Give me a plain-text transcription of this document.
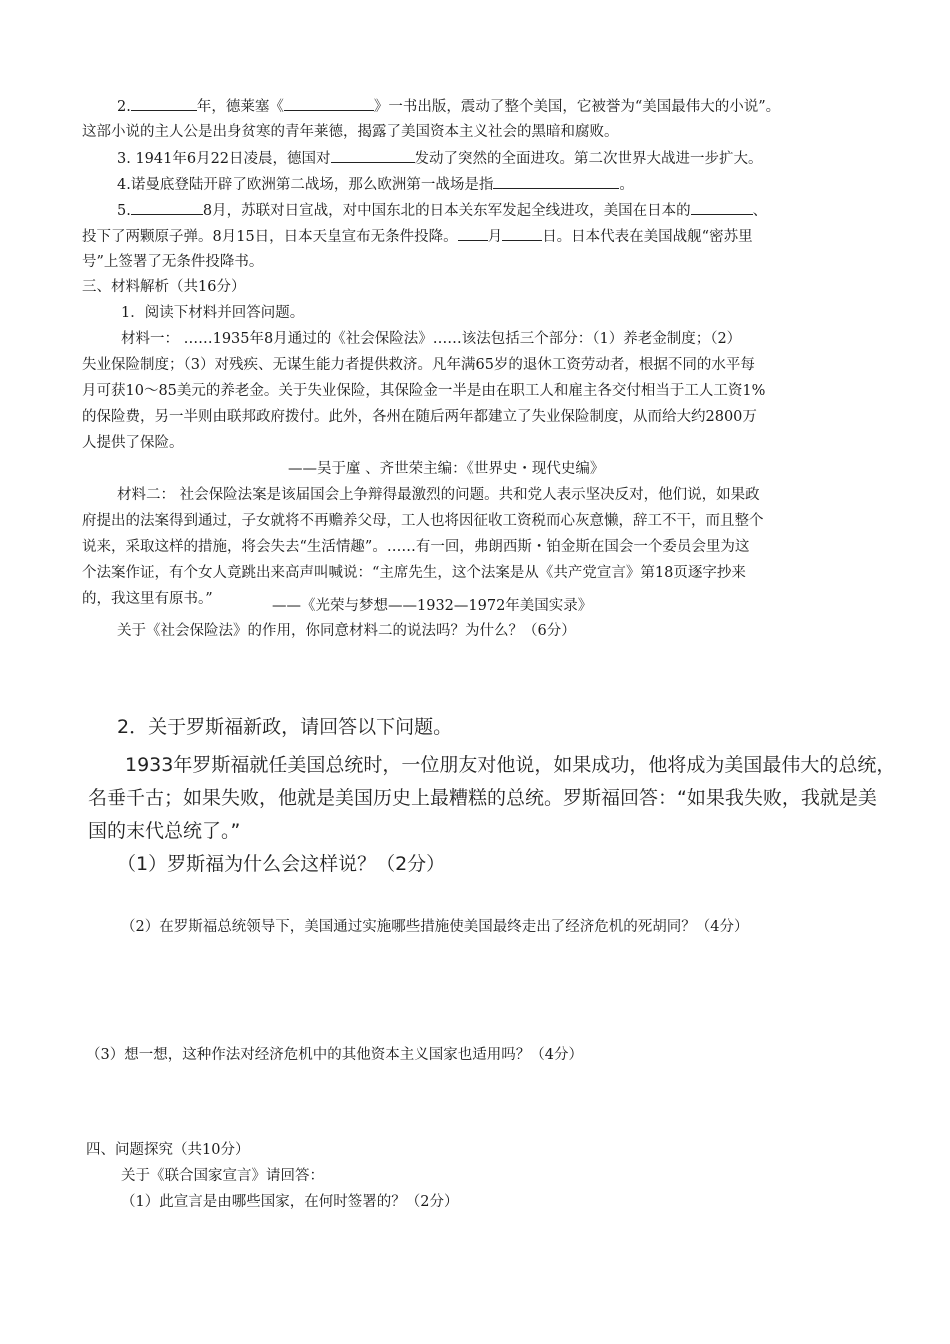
2.	年，德莱塞《	》一书出版，震动了整个美国，它被誉为“美国最伟大的小说”。
这部小说的主人公是出身贫寒的青年莱德，揭露了美国资本主义社会的黑暗和腐败。
3. 1941年6月22日凌晨，德国对	发动了突然的全面进攻。第二次世界大战进一步扩大。
4.诺曼底登陆开辟了欧洲第二战场，那么欧洲第一战场是指	。
5.	8月，苏联对日宣战，对中国东北的日本关东军发起全线进攻，美国在日本的	、
投下了两颗原子弹。8月15日，日本天皇宣布无条件投降。 月	日。日本代表在美国战舰“密苏里
号”上签署了无条件投降书。
三、材料解析（共16分）
1．阅读下材料并回答问题。
材料一： ……1935年8月通过的《社会保险法》……该法包括三个部分：（1）养老金制度；（2）
失业保险制度；（3）对残疾、无谋生能力者提供救济。凡年满65岁的退休工资劳动者，根据不同的水平每
月可获10～85美元的养老金。关于失业保险，其保险金一半是由在职工人和雇主各交付相当于工人工资1%
的保险费，另一半则由联邦政府拨付。此外，各州在随后两年都建立了失业保险制度，从而给大约2800万
人提供了保险。
——吴于廑 、齐世荣主编：《世界史・现代史编》
材料二： 社会保险法案是该届国会上争辩得最激烈的问题。共和党人表示坚决反对，他们说，如果政
府提出的法案得到通过，子女就将不再赡养父母，工人也将因征收工资税而心灰意懒，辞工不干，而且整个
说来，采取这样的措施，将会失去“生活情趣”。……有一回，弗朗西斯・铂金斯在国会一个委员会里为这
个法案作证，有个女人竟跳出来高声叫喊说：“主席先生，这个法案是从《共产党宣言》第18页逐字抄来
的，我这里有原书。”	——《光荣与梦想——1932—1972年美国实录》
关于《社会保险法》的作用，你同意材料二的说法吗？为什么？（6分）
2．关于罗斯福新政，请回答以下问题。
1933年罗斯福就任美国总统时，一位朋友对他说，如果成功，他将成为美国最伟大的总统，
名垂千古；如果失败，他就是美国历史上最糟糕的总统。罗斯福回答：“如果我失败，我就是美
国的末代总统了。”
（1）罗斯福为什么会这样说？（2分）
（2）在罗斯福总统领导下，美国通过实施哪些措施使美国最终走出了经济危机的死胡同？（4分）
（3）想一想，这种作法对经济危机中的其他资本主义国家也适用吗？（4分）
四、问题探究（共10分）
关于《联合国家宣言》请回答：
（1）此宣言是由哪些国家，在何时签署的？（2分）
